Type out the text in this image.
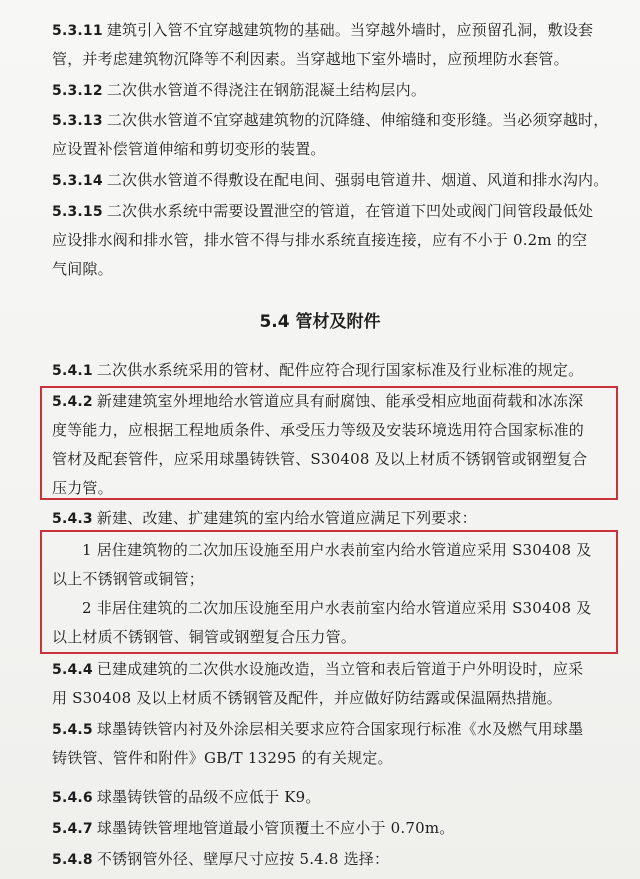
5.3.11 建筑引入管不宜穿越建筑物的基础。当穿越外墙时，应预留孔洞，敷设套
管，并考虑建筑物沉降等不利因素。当穿越地下室外墙时，应预埋防水套管。
5.3.12 二次供水管道不得浇注在钢筋混凝土结构层内。
5.3.13 二次供水管道不宜穿越建筑物的沉降缝、伸缩缝和变形缝。当必须穿越时，
应设置补偿管道伸缩和剪切变形的装置。
5.3.14 二次供水管道不得敷设在配电间、强弱电管道井、烟道、风道和排水沟内。
5.3.15 二次供水系统中需要设置泄空的管道，在管道下凹处或阀门间管段最低处
应设排水阀和排水管，排水管不得与排水系统直接连接，应有不小于 0.2m 的空
气间隙。
5.4 管材及附件
5.4.1 二次供水系统采用的管材、配件应符合现行国家标准及行业标准的规定。
5.4.2 新建建筑室外埋地给水管道应具有耐腐蚀、能承受相应地面荷载和冰冻深
度等能力，应根据工程地质条件、承受压力等级及安装环境选用符合国家标准的
管材及配套管件，应采用球墨铸铁管、S30408 及以上材质不锈钢管或钢塑复合
压力管。
5.4.3 新建、改建、扩建建筑的室内给水管道应满足下列要求：
1 居住建筑物的二次加压设施至用户水表前室内给水管道应采用 S30408 及
以上不锈钢管或铜管；
2 非居住建筑的二次加压设施至用户水表前室内给水管道应采用 S30408 及
以上材质不锈钢管、铜管或钢塑复合压力管。
5.4.4 已建成建筑的二次供水设施改造，当立管和表后管道于户外明设时，应采
用 S30408 及以上材质不锈钢管及配件，并应做好防结露或保温隔热措施。
5.4.5 球墨铸铁管内衬及外涂层相关要求应符合国家现行标准《水及燃气用球墨
铸铁管、管件和附件》GB/T 13295 的有关规定。
5.4.6 球墨铸铁管的品级不应低于 K9。
5.4.7 球墨铸铁管埋地管道最小管顶覆土不应小于 0.70m。
5.4.8 不锈钢管外径、壁厚尺寸应按 5.4.8 选择：
